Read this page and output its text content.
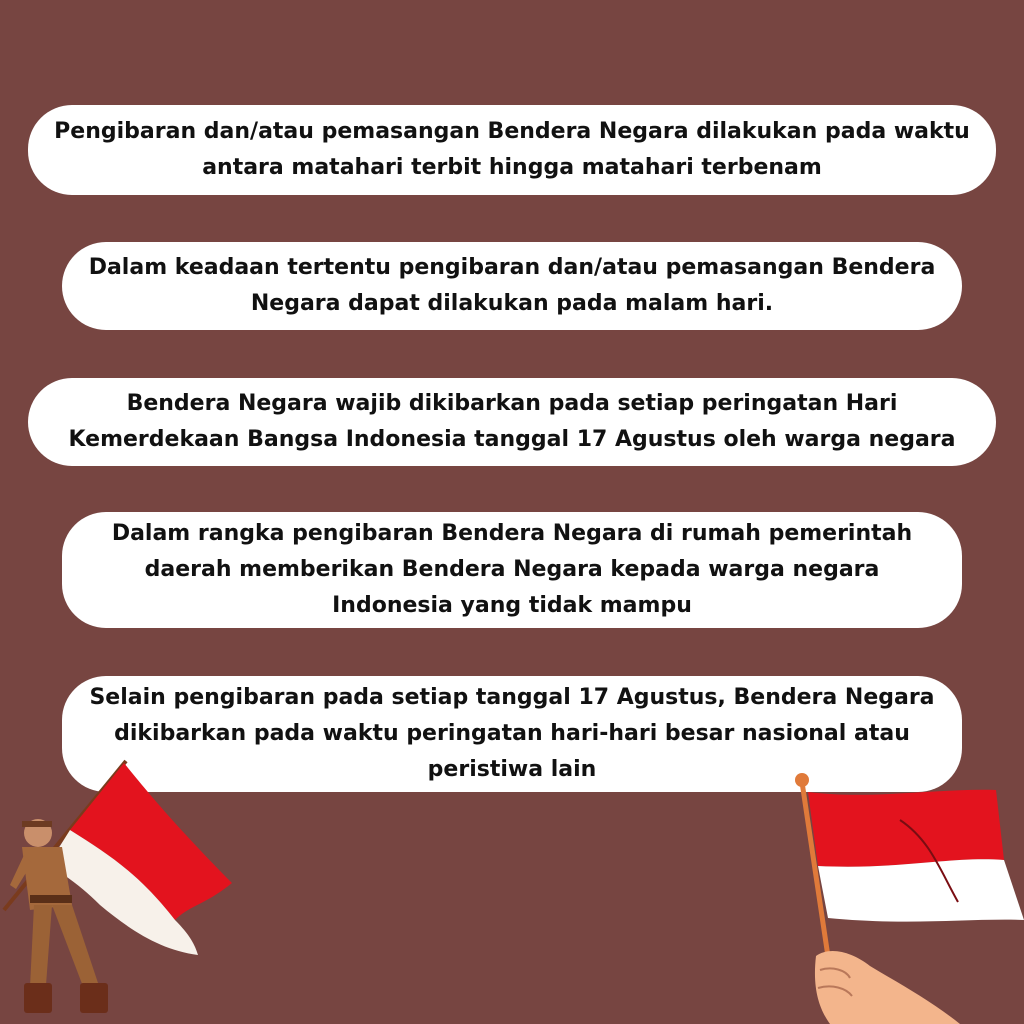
Pengibaran dan/atau pemasangan Bendera Negara dilakukan pada waktu antara matahari terbit hingga matahari terbenam
Dalam keadaan tertentu pengibaran dan/atau pemasangan Bendera Negara dapat dilakukan pada malam hari.
Bendera Negara wajib dikibarkan pada setiap peringatan Hari Kemerdekaan Bangsa Indonesia tanggal 17 Agustus oleh warga negara
Dalam rangka pengibaran Bendera Negara di rumah pemerintah daerah memberikan Bendera Negara kepada warga negara Indonesia yang tidak mampu
Selain pengibaran pada setiap tanggal 17 Agustus, Bendera Negara dikibarkan pada waktu peringatan hari-hari besar nasional atau peristiwa lain
